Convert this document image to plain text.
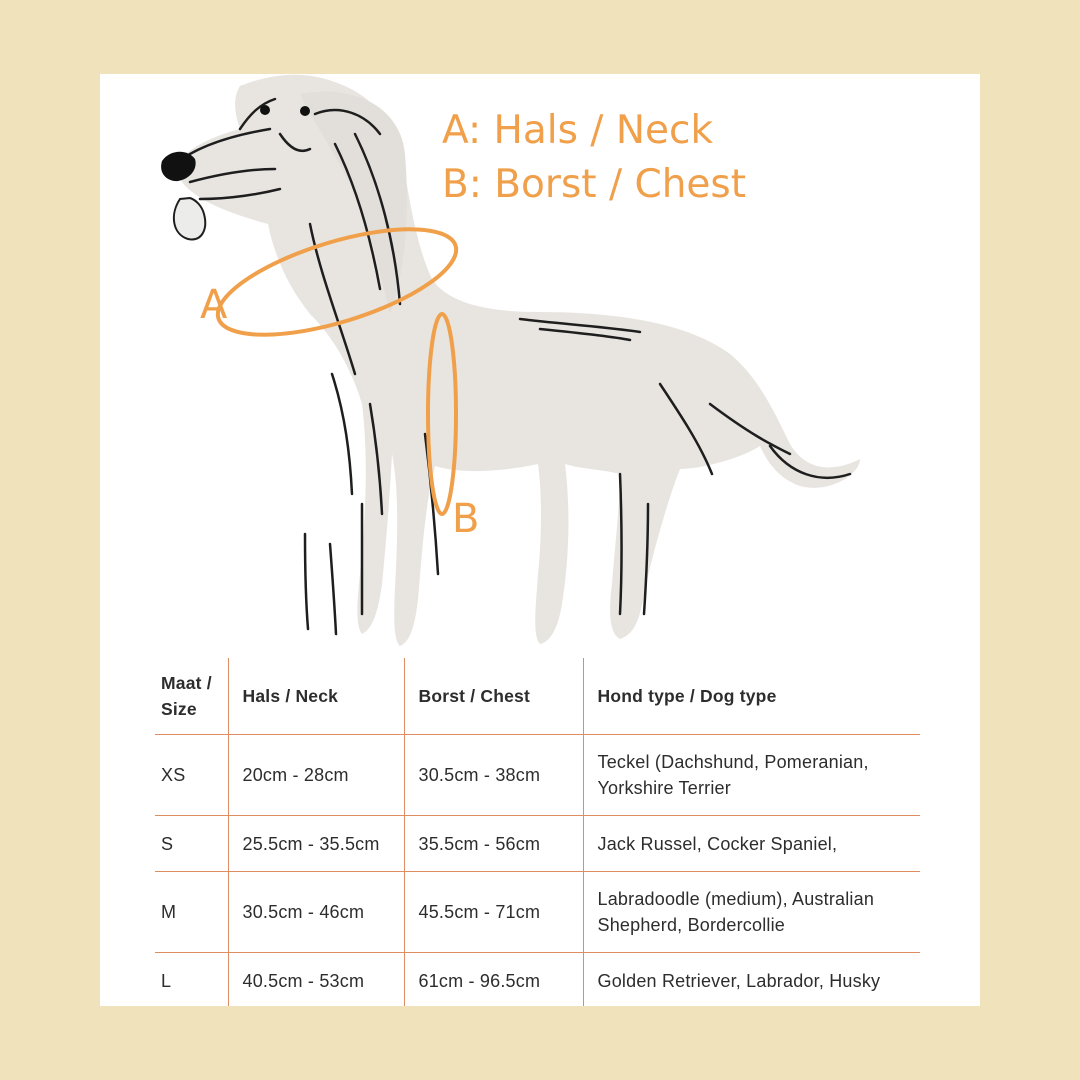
A: Hals / Neck
B: Borst / Chest
A
B
Maat / Size	Hals / Neck	Borst / Chest	Hond type / Dog type
XS	20cm - 28cm	30.5cm - 38cm	Teckel (Dachshund, Pomeranian, Yorkshire Terrier
S	25.5cm - 35.5cm	35.5cm - 56cm	Jack Russel, Cocker Spaniel,
M	30.5cm - 46cm	45.5cm - 71cm	Labradoodle (medium), Australian Shepherd, Bordercollie
L	40.5cm - 53cm	61cm - 96.5cm	Golden Retriever, Labrador, Husky
